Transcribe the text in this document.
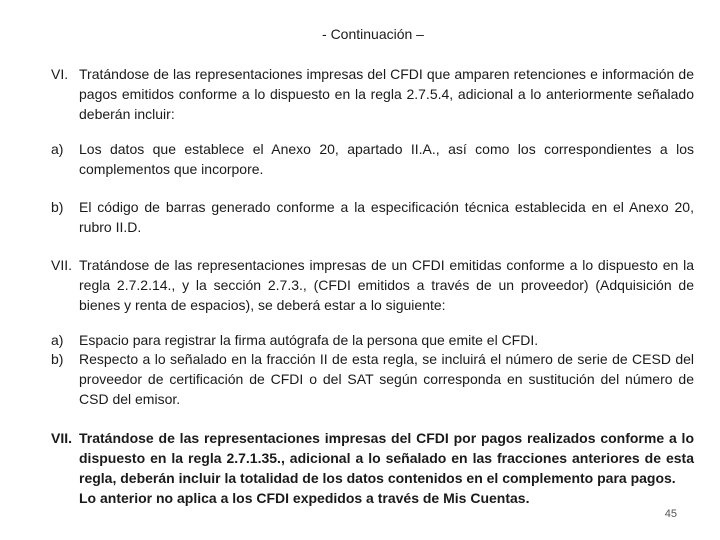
- Continuación –
VI. Tratándose de las representaciones impresas del CFDI que amparen retenciones e información de pagos emitidos conforme a lo dispuesto en la regla 2.7.5.4, adicional a lo anteriormente señalado deberán incluir:
a)	Los datos que establece el Anexo 20, apartado II.A., así como los correspondientes a los complementos que incorpore.
b)	El código de barras generado conforme a la especificación técnica establecida en el Anexo 20, rubro II.D.
VII. Tratándose de las representaciones impresas de un CFDI emitidas conforme a lo dispuesto en la regla 2.7.2.14., y la sección 2.7.3., (CFDI emitidos a través de un proveedor) (Adquisición de bienes y renta de espacios), se deberá estar a lo siguiente:
a)	Espacio para registrar la firma autógrafa de la persona que emite el CFDI.
b)	Respecto a lo señalado en la fracción II de esta regla, se incluirá el número de serie de CESD del proveedor de certificación de CFDI o del SAT según corresponda en sustitución del número de CSD del emisor.
VII. Tratándose de las representaciones impresas del CFDI por pagos realizados conforme a lo dispuesto en la regla 2.7.1.35., adicional a lo señalado en las fracciones anteriores de esta regla, deberán incluir la totalidad de los datos contenidos en el complemento para pagos.
Lo anterior no aplica a los CFDI expedidos a través de Mis Cuentas.
45
